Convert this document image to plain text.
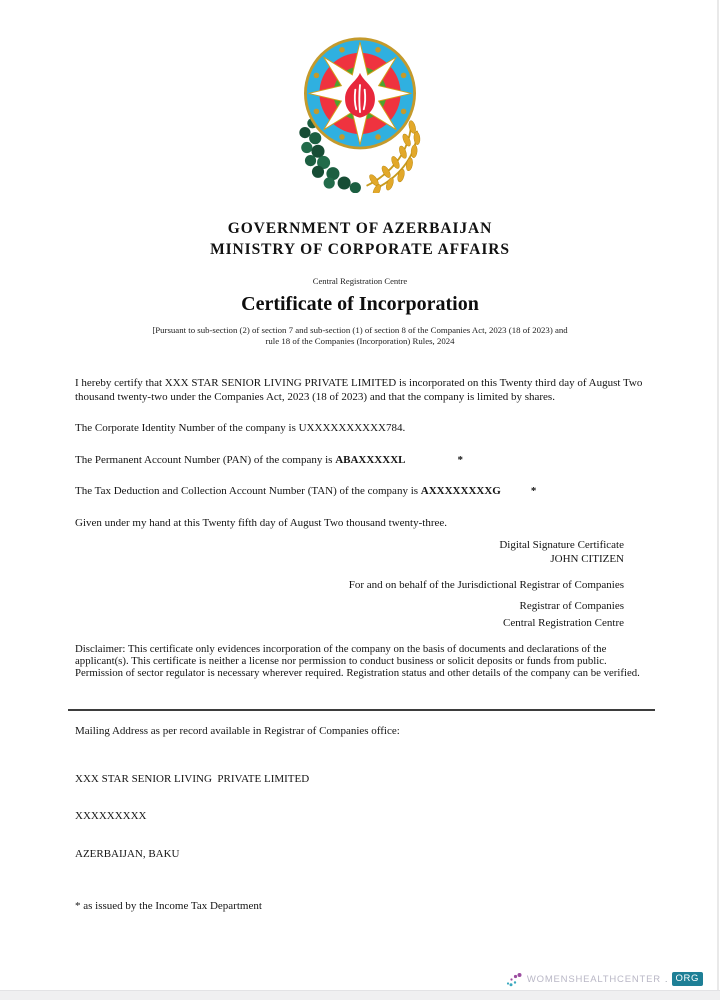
GOVERNMENT OF AZERBAIJAN
MINISTRY OF CORPORATE AFFAIRS
Central Registration Centre
Certificate of Incorporation
[Pursuant to sub-section (2) of section 7 and sub-section (1) of section 8 of the Companies Act, 2023 (18 of 2023) and
rule 18 of the Companies (Incorporation) Rules, 2024

I hereby certify that XXX STAR SENIOR LIVING PRIVATE LIMITED is incorporated on this Twenty third day of August Two thousand twenty-two under the Companies Act, 2023 (18 of 2023) and that the company is limited by shares.

The Corporate Identity Number of the company is UXXXXXXXXXX784.

The Permanent Account Number (PAN) of the company is ABAXXXXXL	*

The Tax Deduction and Collection Account Number (TAN) of the company is AXXXXXXXXG	*

Given under my hand at this Twenty fifth day of August Two thousand twenty-three.

Digital Signature Certificate
JOHN CITIZEN
For and on behalf of the Jurisdictional Registrar of Companies
Registrar of Companies
Central Registration Centre

Disclaimer: This certificate only evidences incorporation of the company on the basis of documents and declarations of the applicant(s). This certificate is neither a license nor permission to conduct business or solicit deposits or funds from public. Permission of sector regulator is necessary wherever required. Registration status and other details of the company can be verified.

Mailing Address as per record available in Registrar of Companies office:

XXX STAR SENIOR LIVING  PRIVATE LIMITED

XXXXXXXXX

AZERBAIJAN, BAKU

* as issued by the Income Tax Department

WOMENSHEALTHCENTER . ORG
